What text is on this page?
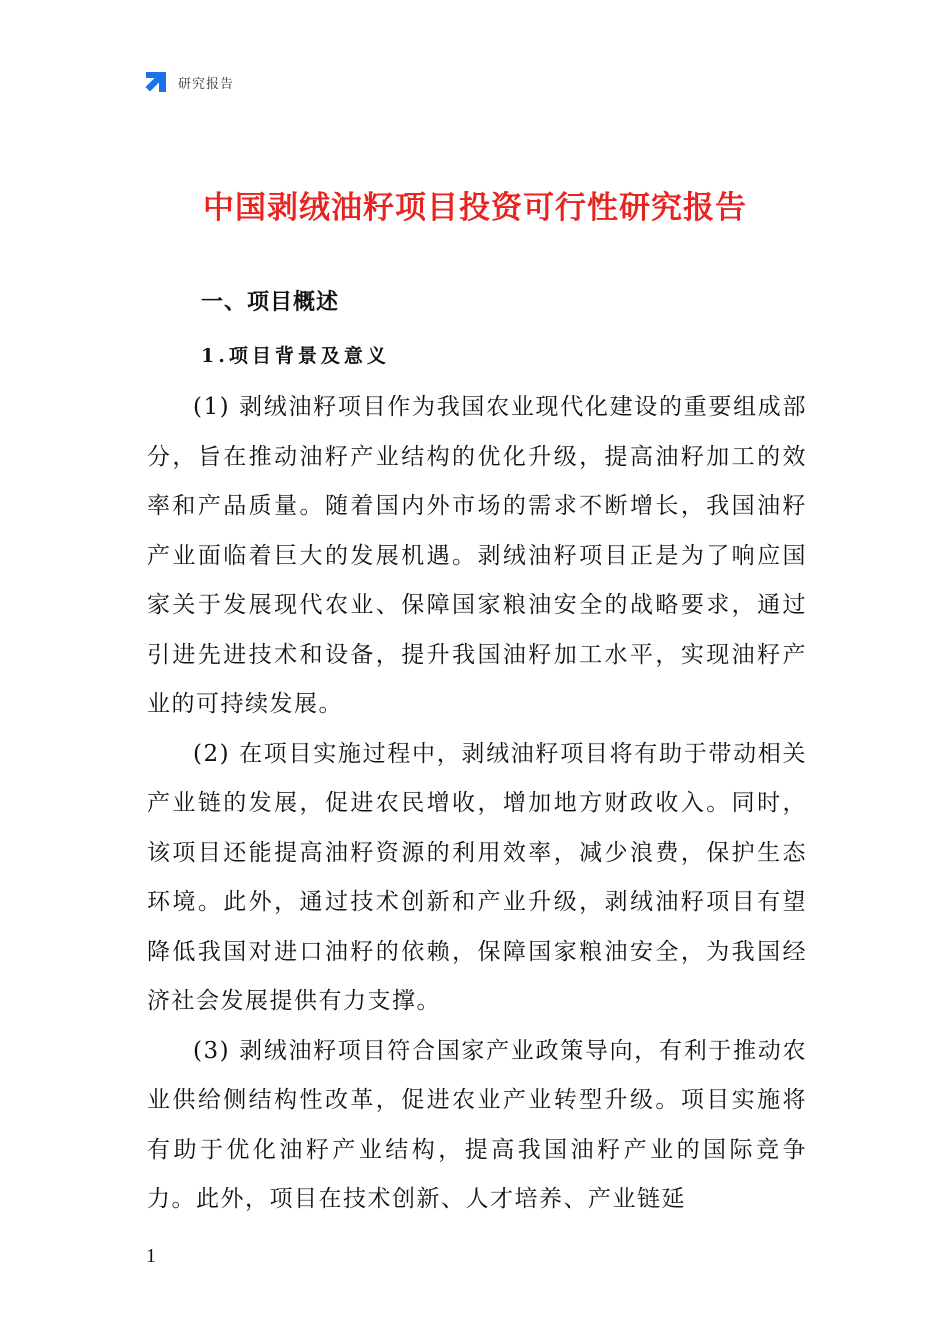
研究报告
中国剥绒油籽项目投资可行性研究报告
一、项目概述
1.项目背景及意义

(1) 剥绒油籽项目作为我国农业现代化建设的重要组成部分，旨在推动油籽产业结构的优化升级，提高油籽加工的效率和产品质量。随着国内外市场的需求不断增长，我国油籽产业面临着巨大的发展机遇。剥绒油籽项目正是为了响应国家关于发展现代农业、保障国家粮油安全的战略要求，通过引进先进技术和设备，提升我国油籽加工水平，实现油籽产业的可持续发展。

(2) 在项目实施过程中，剥绒油籽项目将有助于带动相关产业链的发展，促进农民增收，增加地方财政收入。同时，该项目还能提高油籽资源的利用效率，减少浪费，保护生态环境。此外，通过技术创新和产业升级，剥绒油籽项目有望降低我国对进口油籽的依赖，保障国家粮油安全，为我国经济社会发展提供有力支撑。

(3) 剥绒油籽项目符合国家产业政策导向，有利于推动农业供给侧结构性改革，促进农业产业转型升级。项目实施将有助于优化油籽产业结构，提高我国油籽产业的国际竞争力。此外，项目在技术创新、人才培养、产业链延

1
